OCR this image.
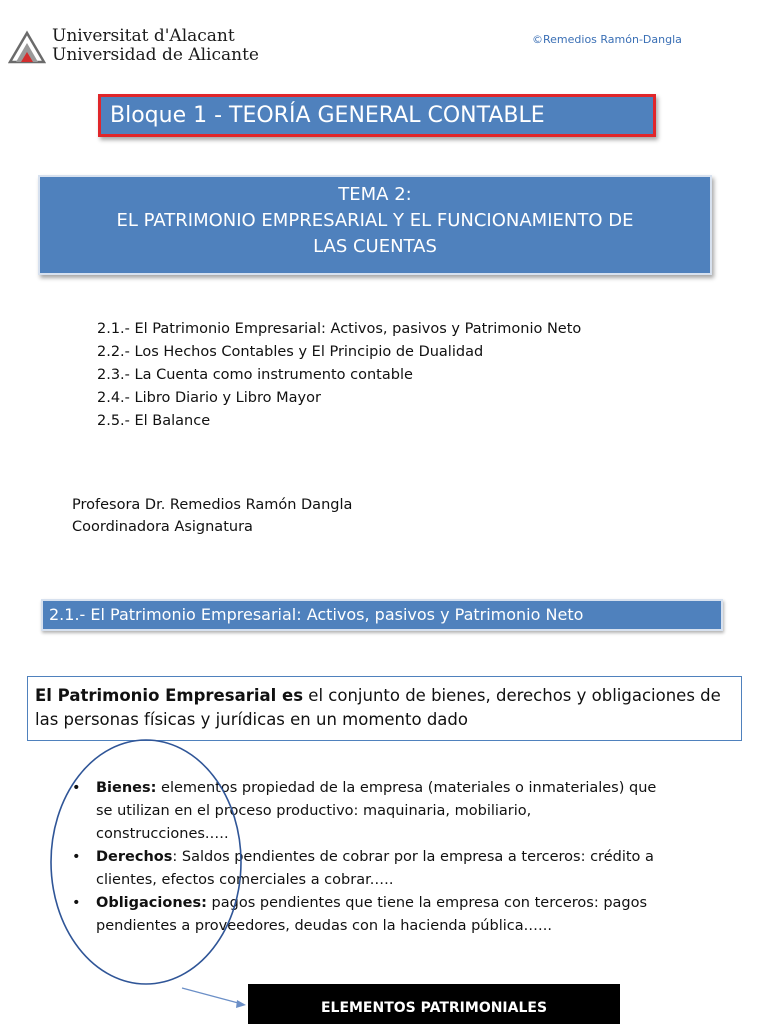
Universitat d'Alacant
Universidad de Alicante
©Remedios Ramón-Dangla
Bloque 1 - TEORÍA GENERAL CONTABLE
TEMA 2:
EL PATRIMONIO EMPRESARIAL Y EL FUNCIONAMIENTO DE
LAS CUENTAS
2.1.- El Patrimonio Empresarial: Activos, pasivos y Patrimonio Neto
2.2.- Los Hechos Contables y El Principio de Dualidad
2.3.- La Cuenta como instrumento contable
2.4.- Libro Diario y Libro Mayor
2.5.- El Balance
Profesora Dr. Remedios Ramón Dangla
Coordinadora Asignatura
2.1.- El Patrimonio Empresarial: Activos, pasivos y Patrimonio Neto
El Patrimonio Empresarial es el conjunto de bienes, derechos y obligaciones de
las personas físicas y jurídicas en un momento dado
• Bienes: elementos propiedad de la empresa (materiales o inmateriales) que
se utilizan en el proceso productivo: maquinaria, mobiliario,
construcciones.….
• Derechos: Saldos pendientes de cobrar por la empresa a terceros: crédito a
clientes, efectos comerciales a cobrar.….
• Obligaciones: pagos pendientes que tiene la empresa con terceros: pagos
pendientes a proveedores, deudas con la hacienda pública.…..
ELEMENTOS PATRIMONIALES
